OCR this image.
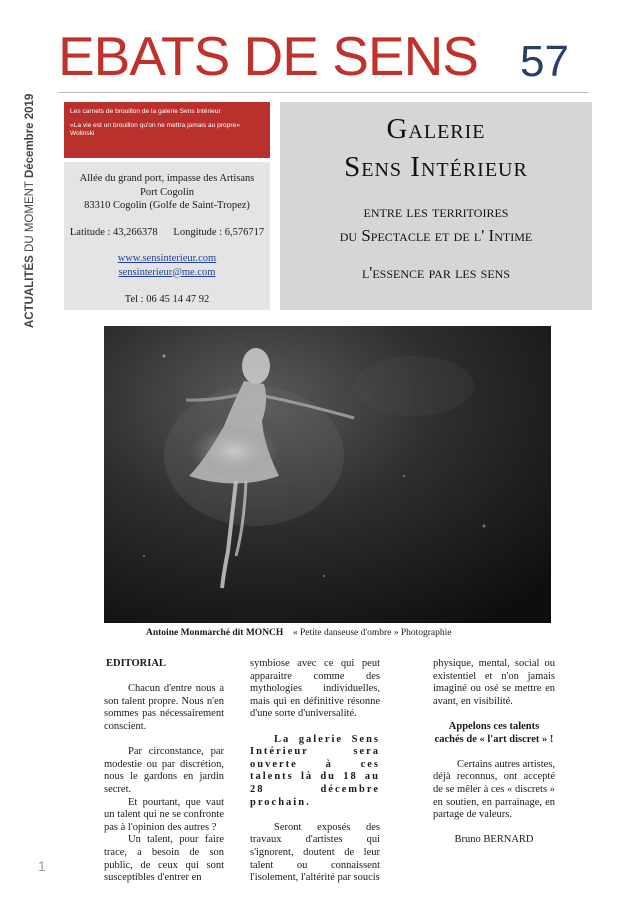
ACTUALITÉS DU MOMENT Décembre 2019
EBATS DE SENS 57

Les carnets de brouillon de la galerie Sens Intérieur

«La vie est un brouillon qu'on ne mettra jamais au propre» Wolinski

Allée du grand port, impasse des Artisans
Port Cogolin
83310 Cogolin (Golfe de Saint-Tropez)
Latitude : 43,266378 Longitude : 6,576717
www.sensinterieur.com
sensinterieur@me.com
Tel : 06 45 14 47 92
Galerie
Sens Intérieur
entre les territoires
du Spectacle et de l' Intime
l'essence par les sens
Antoine Monmarché dit MONCH « Petite danseuse d'ombre » Photographie

EDITORIAL

Chacun d'entre nous a son talent propre. Nous n'en sommes pas nécessairement conscient.

Par circonstance, par modestie ou par discrétion, nous le gardons en jardin secret.

Et pourtant, que vaut un talent qui ne se confronte pas à l'opinion des autres ?

Un talent, pour faire trace, a besoin de son public, de ceux qui sont susceptibles d'entrer en

symbiose avec ce qui peut apparaitre comme des mythologies individuelles, mais qui en définitive résonne d'une sorte d'universalité.

La galerie Sens Intérieur sera ouverte à ces talents là du 18 au 28 décembre prochain.

Seront exposés des travaux d'artistes qui s'ignorent, doutent de leur talent ou connaissent l'isolement, l'altérité par soucis

physique, mental, social ou existentiel et n'on jamais imaginé ou osé se mettre en avant, en visibilité.

Appelons ces talents cachés de « l'art discret » !

Certains autres artistes, déjà reconnus, ont accepté de se mêler à ces « discrets » en soutien, en parrainage, en partage de valeurs.

Bruno BERNARD

1
